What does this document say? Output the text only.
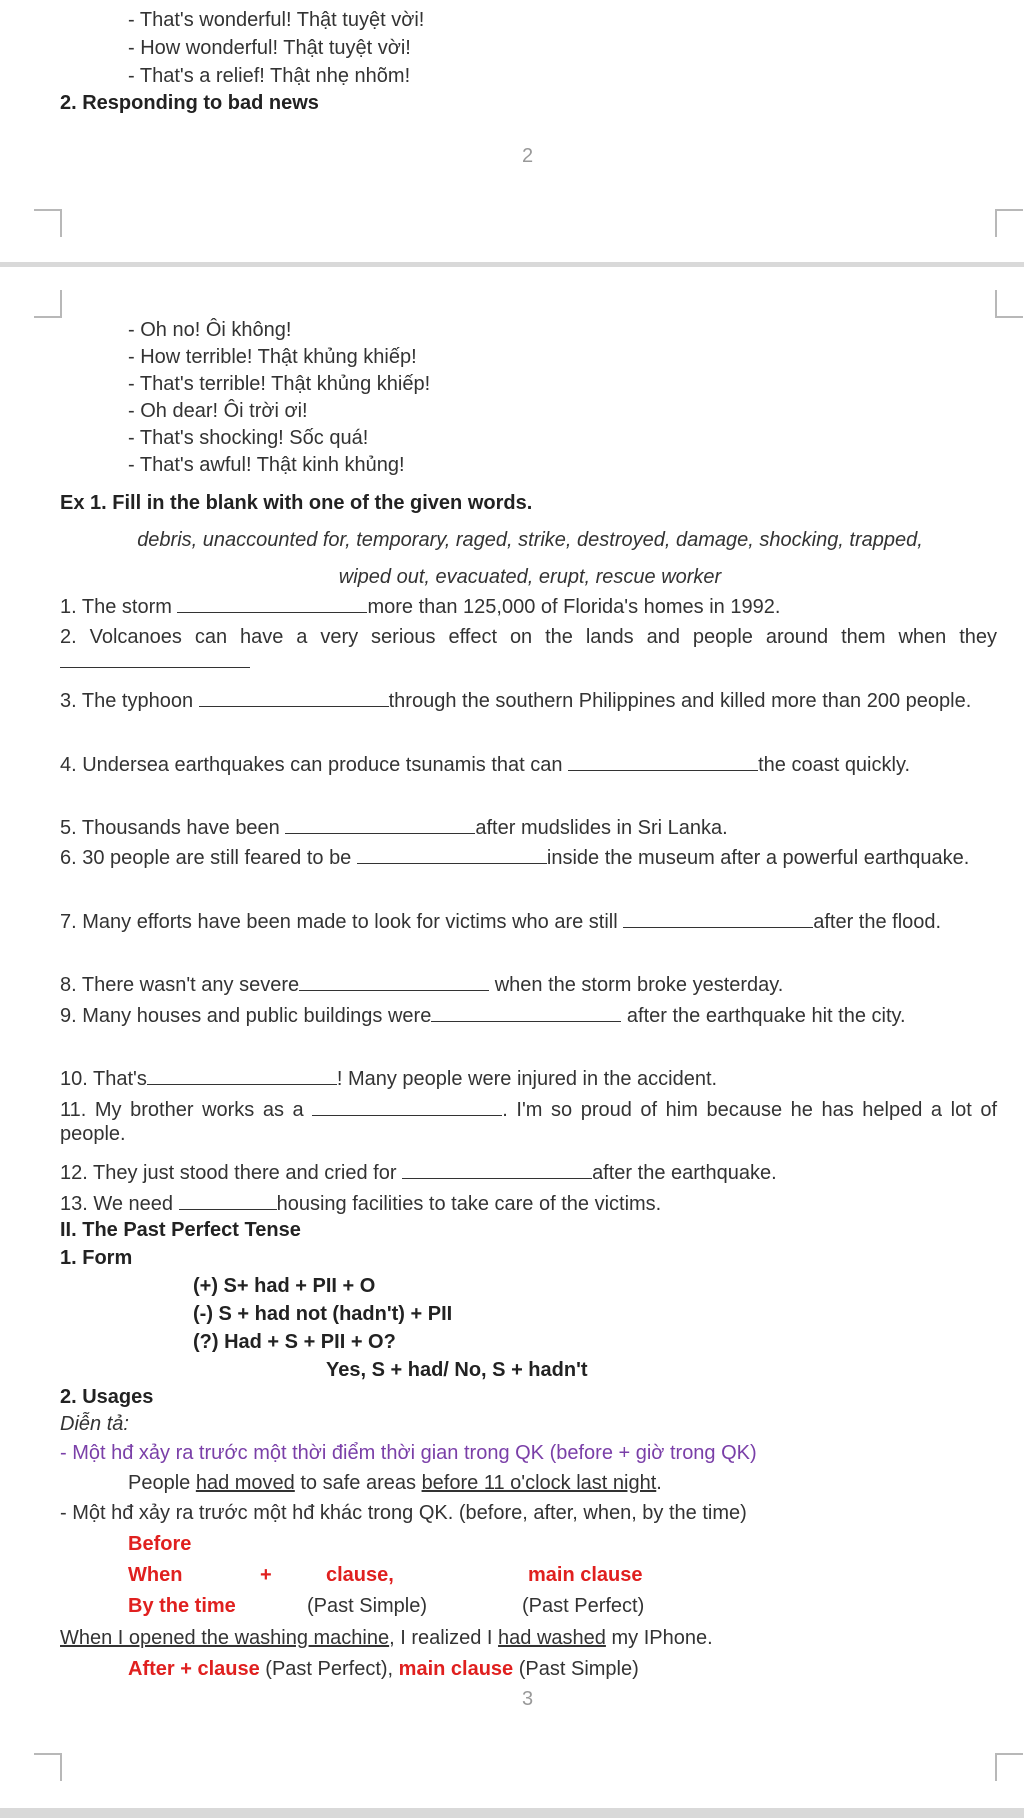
- That's wonderful! Thật tuyệt vời!
- How wonderful! Thật tuyệt vời!
- That's a relief! Thật nhẹ nhõm!
2. Responding to bad news
2
- Oh no! Ôi không!
- How terrible! Thật khủng khiếp!
- That's terrible! Thật khủng khiếp!
- Oh dear! Ôi trời ơi!
- That's shocking! Sốc quá!
- That's awful! Thật kinh khủng!
Ex 1. Fill in the blank with one of the given words.
debris, unaccounted for, temporary, raged, strike, destroyed, damage, shocking, trapped,
wiped out, evacuated, erupt, rescue worker
1. The storm	more than 125,000 of Florida's homes in 1992.
2. Volcanoes can have a very serious effect on the lands and people around them when they
3. The typhoon	through the southern Philippines and killed more than 200 people.
4. Undersea earthquakes can produce tsunamis that can	the coast quickly.
5. Thousands have been	after mudslides in Sri Lanka.
6. 30 people are still feared to be	inside the museum after a powerful earthquake.
7. Many efforts have been made to look for victims who are still	after the flood.
8. There wasn't any severe	when the storm broke yesterday.
9. Many houses and public buildings were	after the earthquake hit the city.
10. That's	! Many people were injured in the accident.
11. My brother works as a	. I'm so proud of him because he has helped a lot of people.
12. They just stood there and cried for	after the earthquake.
13. We need	housing facilities to take care of the victims.
II. The Past Perfect Tense
1. Form
(+) S+ had + PII + O
(-) S + had not (hadn't) + PII
(?) Had + S + PII + O?
Yes, S + had/ No, S + hadn't
2. Usages
Diễn tả:
- Một hđ xảy ra trước một thời điểm thời gian trong QK (before + giờ trong QK)
People had moved to safe areas before 11 o'clock last night.
- Một hđ xảy ra trước một hđ khác trong QK. (before, after, when, by the time)
Before
When	+	clause,	main clause
By the time	(Past Simple)	(Past Perfect)
When I opened the washing machine, I realized I had washed my IPhone.
After + clause (Past Perfect), main clause (Past Simple)
3
